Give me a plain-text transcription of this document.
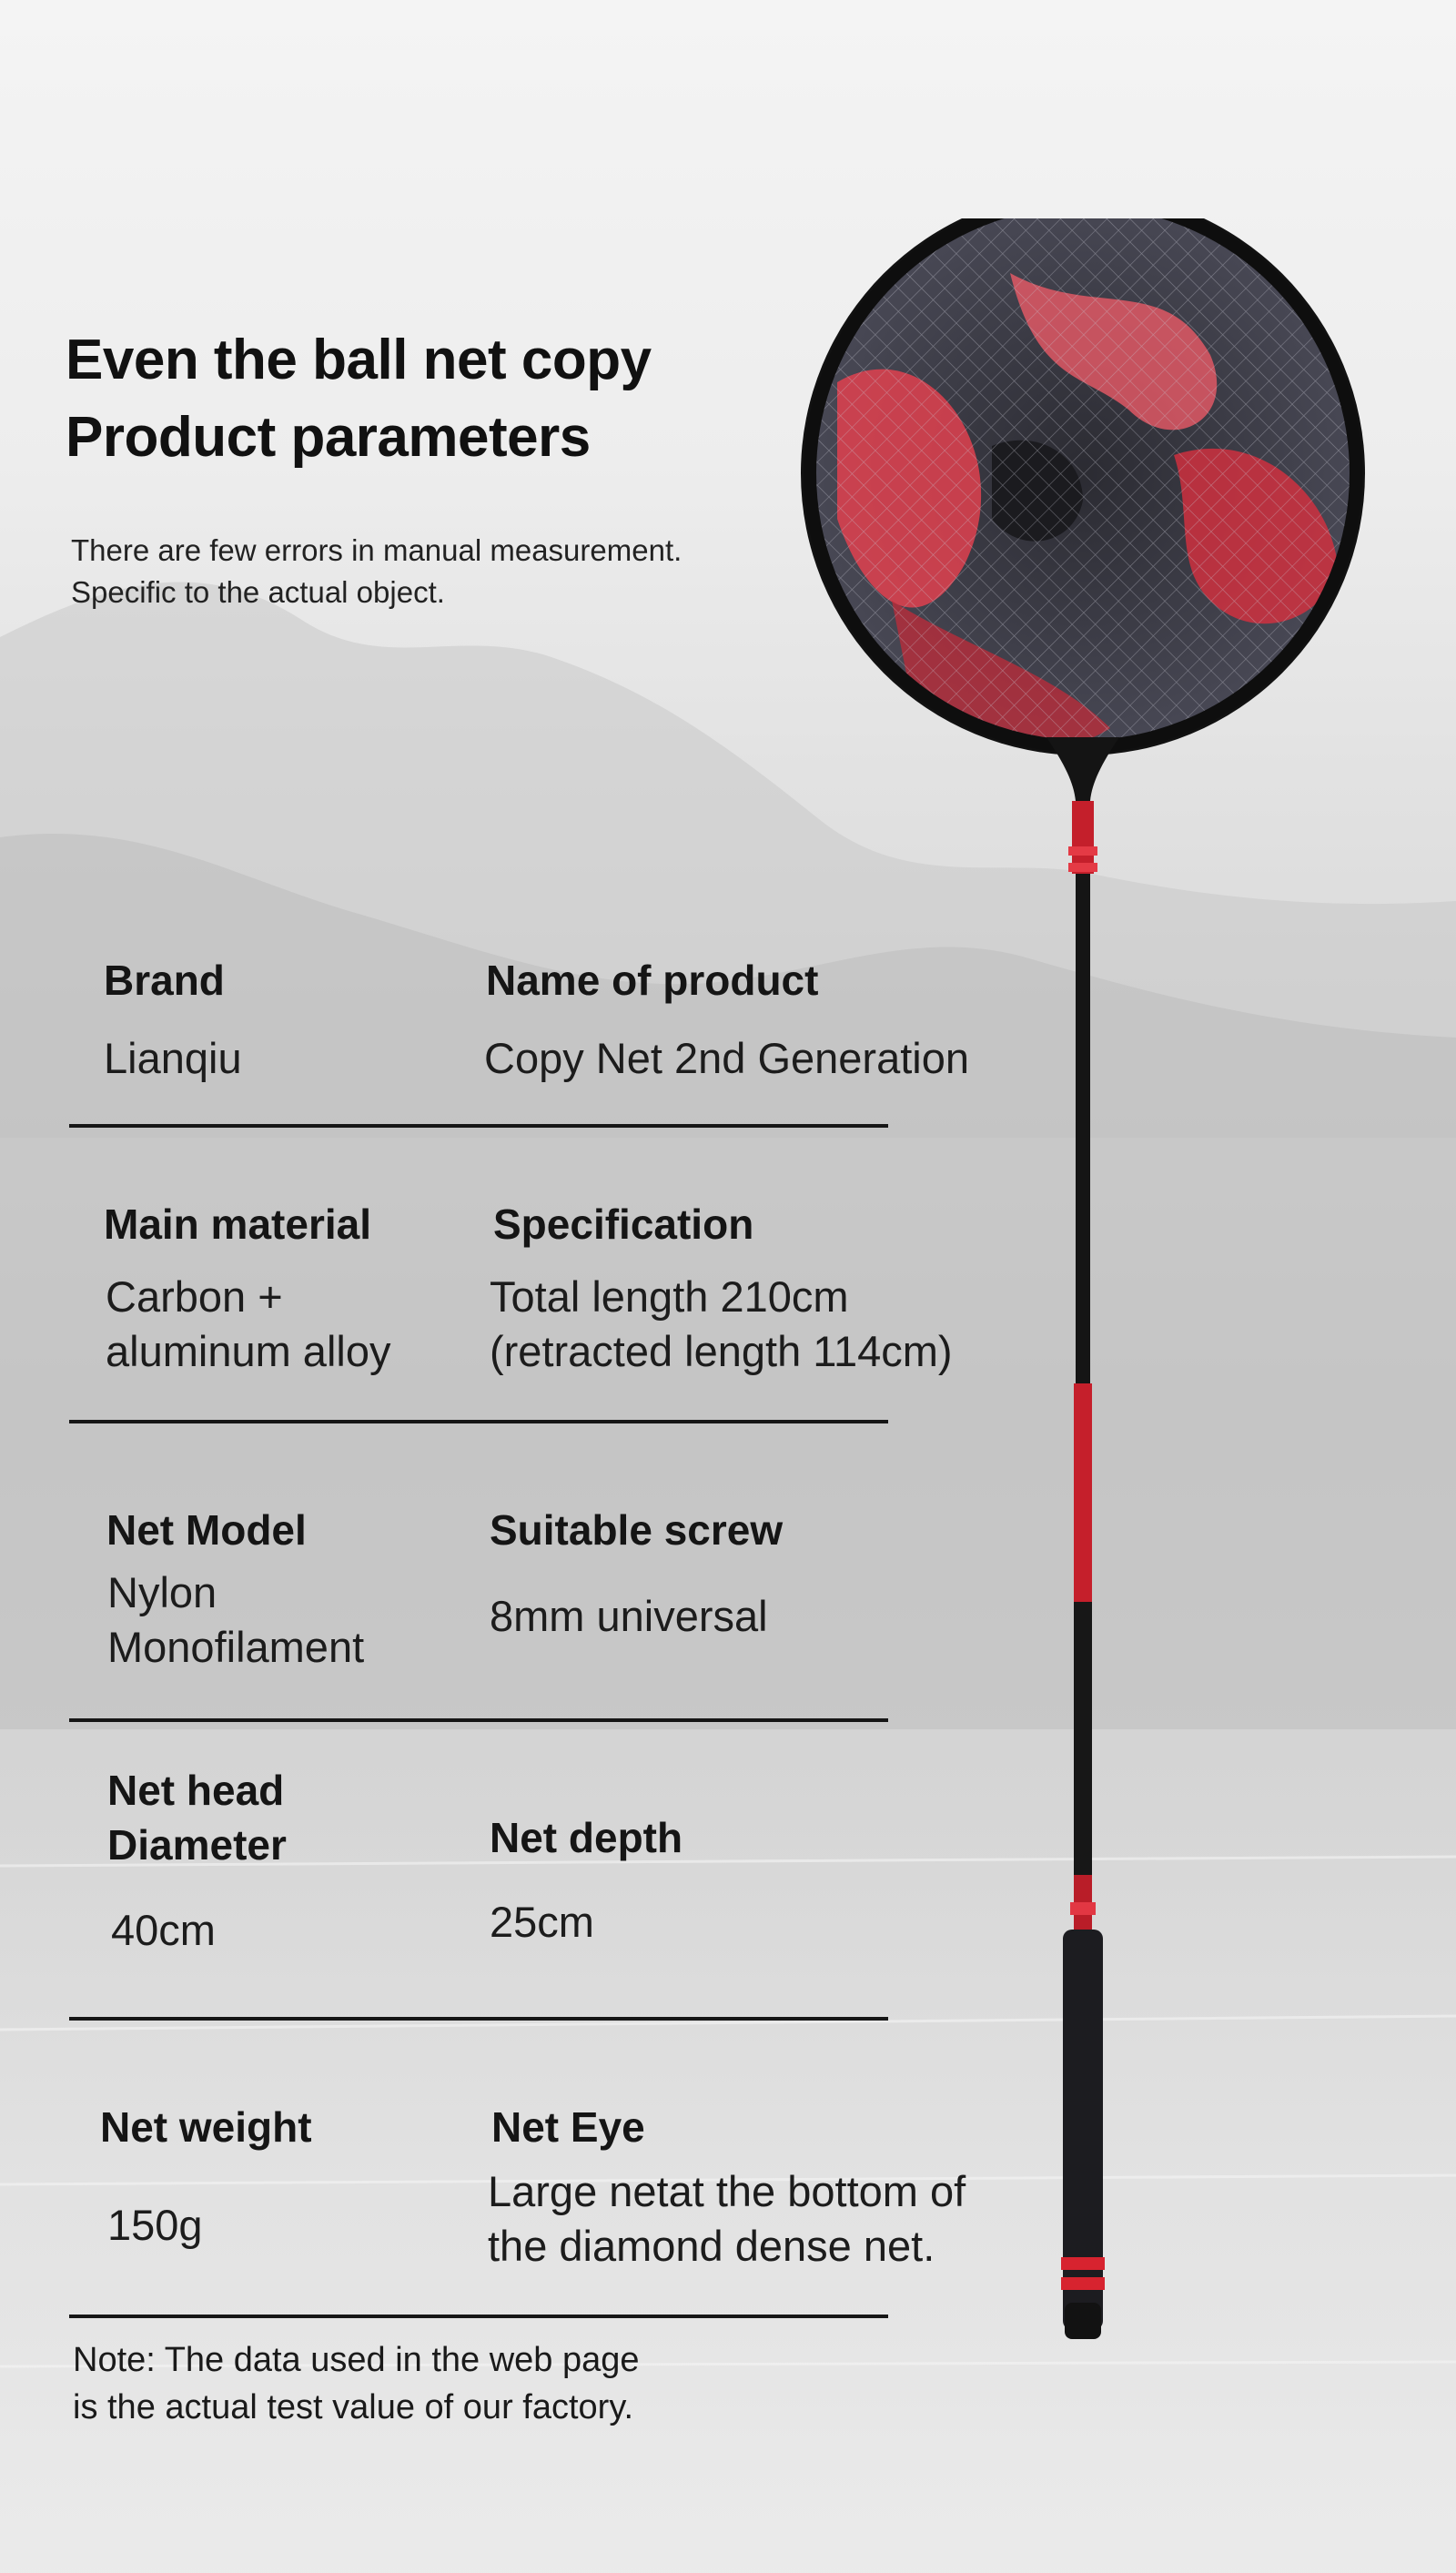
Even the ball net copy
Product parameters
There are few errors in manual measurement.
Specific to the actual object.
Brand
Lianqiu
Name of product
Copy Net 2nd Generation
Main material
Carbon +
aluminum alloy
Specification
Total length 210cm
(retracted length 114cm)
Net Model
Nylon
Monofilament
Suitable screw
8mm universal
Net head
Diameter
40cm
Net depth
25cm
Net weight
150g
Net Eye
Large netat the bottom of
the diamond dense net.
Note: The data used in the web page
is the actual test value of our factory.
